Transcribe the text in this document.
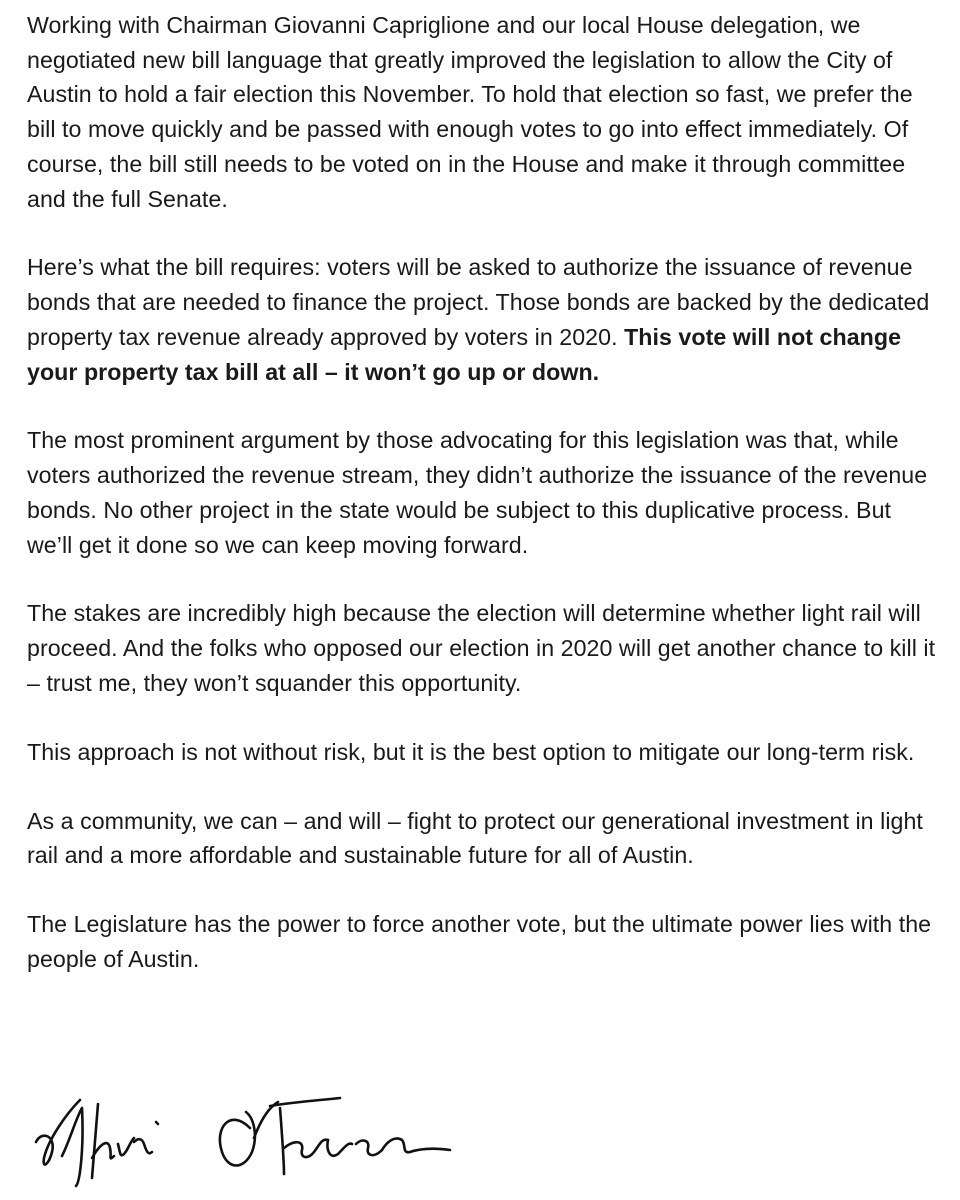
Working with Chairman Giovanni Capriglione and our local House delegation, we negotiated new bill language that greatly improved the legislation to allow the City of Austin to hold a fair election this November. To hold that election so fast, we prefer the bill to move quickly and be passed with enough votes to go into effect immediately. Of course, the bill still needs to be voted on in the House and make it through committee and the full Senate.

Here’s what the bill requires: voters will be asked to authorize the issuance of revenue bonds that are needed to finance the project. Those bonds are backed by the dedicated property tax revenue already approved by voters in 2020. This vote will not change your property tax bill at all – it won’t go up or down.

The most prominent argument by those advocating for this legislation was that, while voters authorized the revenue stream, they didn’t authorize the issuance of the revenue bonds. No other project in the state would be subject to this duplicative process. But we’ll get it done so we can keep moving forward.

The stakes are incredibly high because the election will determine whether light rail will proceed. And the folks who opposed our election in 2020 will get another chance to kill it – trust me, they won’t squander this opportunity.

This approach is not without risk, but it is the best option to mitigate our long-term risk.

As a community, we can – and will – fight to protect our generational investment in light rail and a more affordable and sustainable future for all of Austin.

The Legislature has the power to force another vote, but the ultimate power lies with the people of Austin.
